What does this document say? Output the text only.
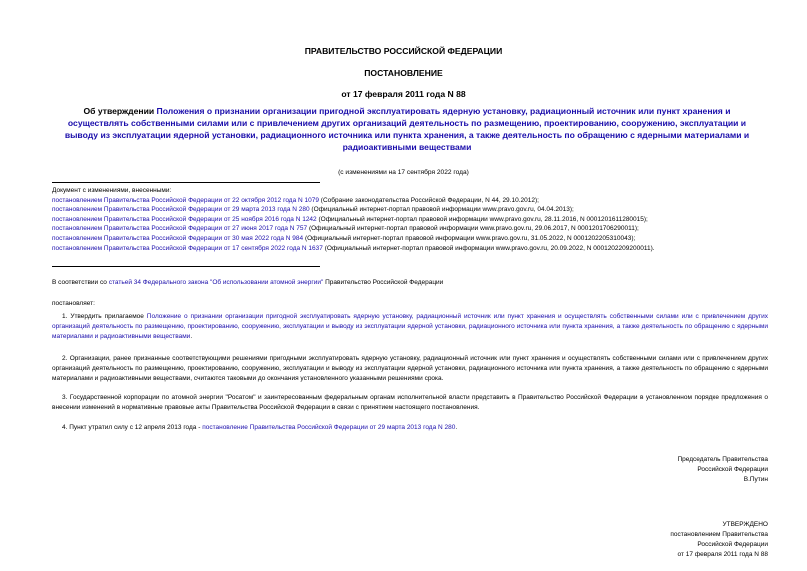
ПРАВИТЕЛЬСТВО РОССИЙСКОЙ ФЕДЕРАЦИИ
ПОСТАНОВЛЕНИЕ
от 17 февраля 2011 года N 88
Об утверждении Положения о признании организации пригодной эксплуатировать ядерную установку, радиационный источник или пункт хранения и осуществлять собственными силами или с привлечением других организаций деятельность по размещению, проектированию, сооружению, эксплуатации и выводу из эксплуатации ядерной установки, радиационного источника или пункта хранения, а также деятельность по обращению с ядерными материалами и радиоактивными веществами
(с изменениями на 17 сентября 2022 года)
Документ с изменениями, внесенными:
постановлением Правительства Российской Федерации от 22 октября 2012 года N 1079 (Собрание законодательства Российской Федерации, N 44, 29.10.2012);
постановлением Правительства Российской Федерации от 29 марта 2013 года N 280 (Официальный интернет-портал правовой информации www.pravo.gov.ru, 04.04.2013);
постановлением Правительства Российской Федерации от 25 ноября 2016 года N 1242 (Официальный интернет-портал правовой информации www.pravo.gov.ru, 28.11.2016, N 0001201611280015);
постановлением Правительства Российской Федерации от 27 июня 2017 года N 757 (Официальный интернет-портал правовой информации www.pravo.gov.ru, 29.06.2017, N 0001201706290011);
постановлением Правительства Российской Федерации от 30 мая 2022 года N 984 (Официальный интернет-портал правовой информации www.pravo.gov.ru, 31.05.2022, N 0001202205310043);
постановлением Правительства Российской Федерации от 17 сентября 2022 года N 1637 (Официальный интернет-портал правовой информации www.pravo.gov.ru, 20.09.2022, N 0001202209200011).
В соответствии со статьей 34 Федерального закона "Об использовании атомной энергии" Правительство Российской Федерации
постановляет:
1. Утвердить прилагаемое Положение о признании организации пригодной эксплуатировать ядерную установку, радиационный источник или пункт хранения и осуществлять собственными силами или с привлечением других организаций деятельность по размещению, проектированию, сооружению, эксплуатации и выводу из эксплуатации ядерной установки, радиационного источника или пункта хранения, а также деятельность по обращению с ядерными материалами и радиоактивными веществами.
2. Организации, ранее признанные соответствующими решениями пригодными эксплуатировать ядерную установку, радиационный источник или пункт хранения и осуществлять собственными силами или с привлечением других организаций деятельность по размещению, проектированию, сооружению, эксплуатации и выводу из эксплуатации ядерной установки, радиационного источника или пункта хранения, а также деятельность по обращению с ядерными материалами и радиоактивными веществами, считаются таковыми до окончания установленного указанными решениями срока.
3. Государственной корпорации по атомной энергии "Росатом" и заинтересованным федеральным органам исполнительной власти представить в Правительство Российской Федерации в установленном порядке предложения о внесении изменений в нормативные правовые акты Правительства Российской Федерации в связи с принятием настоящего постановления.
4. Пункт утратил силу с 12 апреля 2013 года - постановление Правительства Российской Федерации от 29 марта 2013 года N 280.
Председатель Правительства
Российской Федерации
В.Путин
УТВЕРЖДЕНО
постановлением Правительства
Российской Федерации
от 17 февраля 2011 года N 88
